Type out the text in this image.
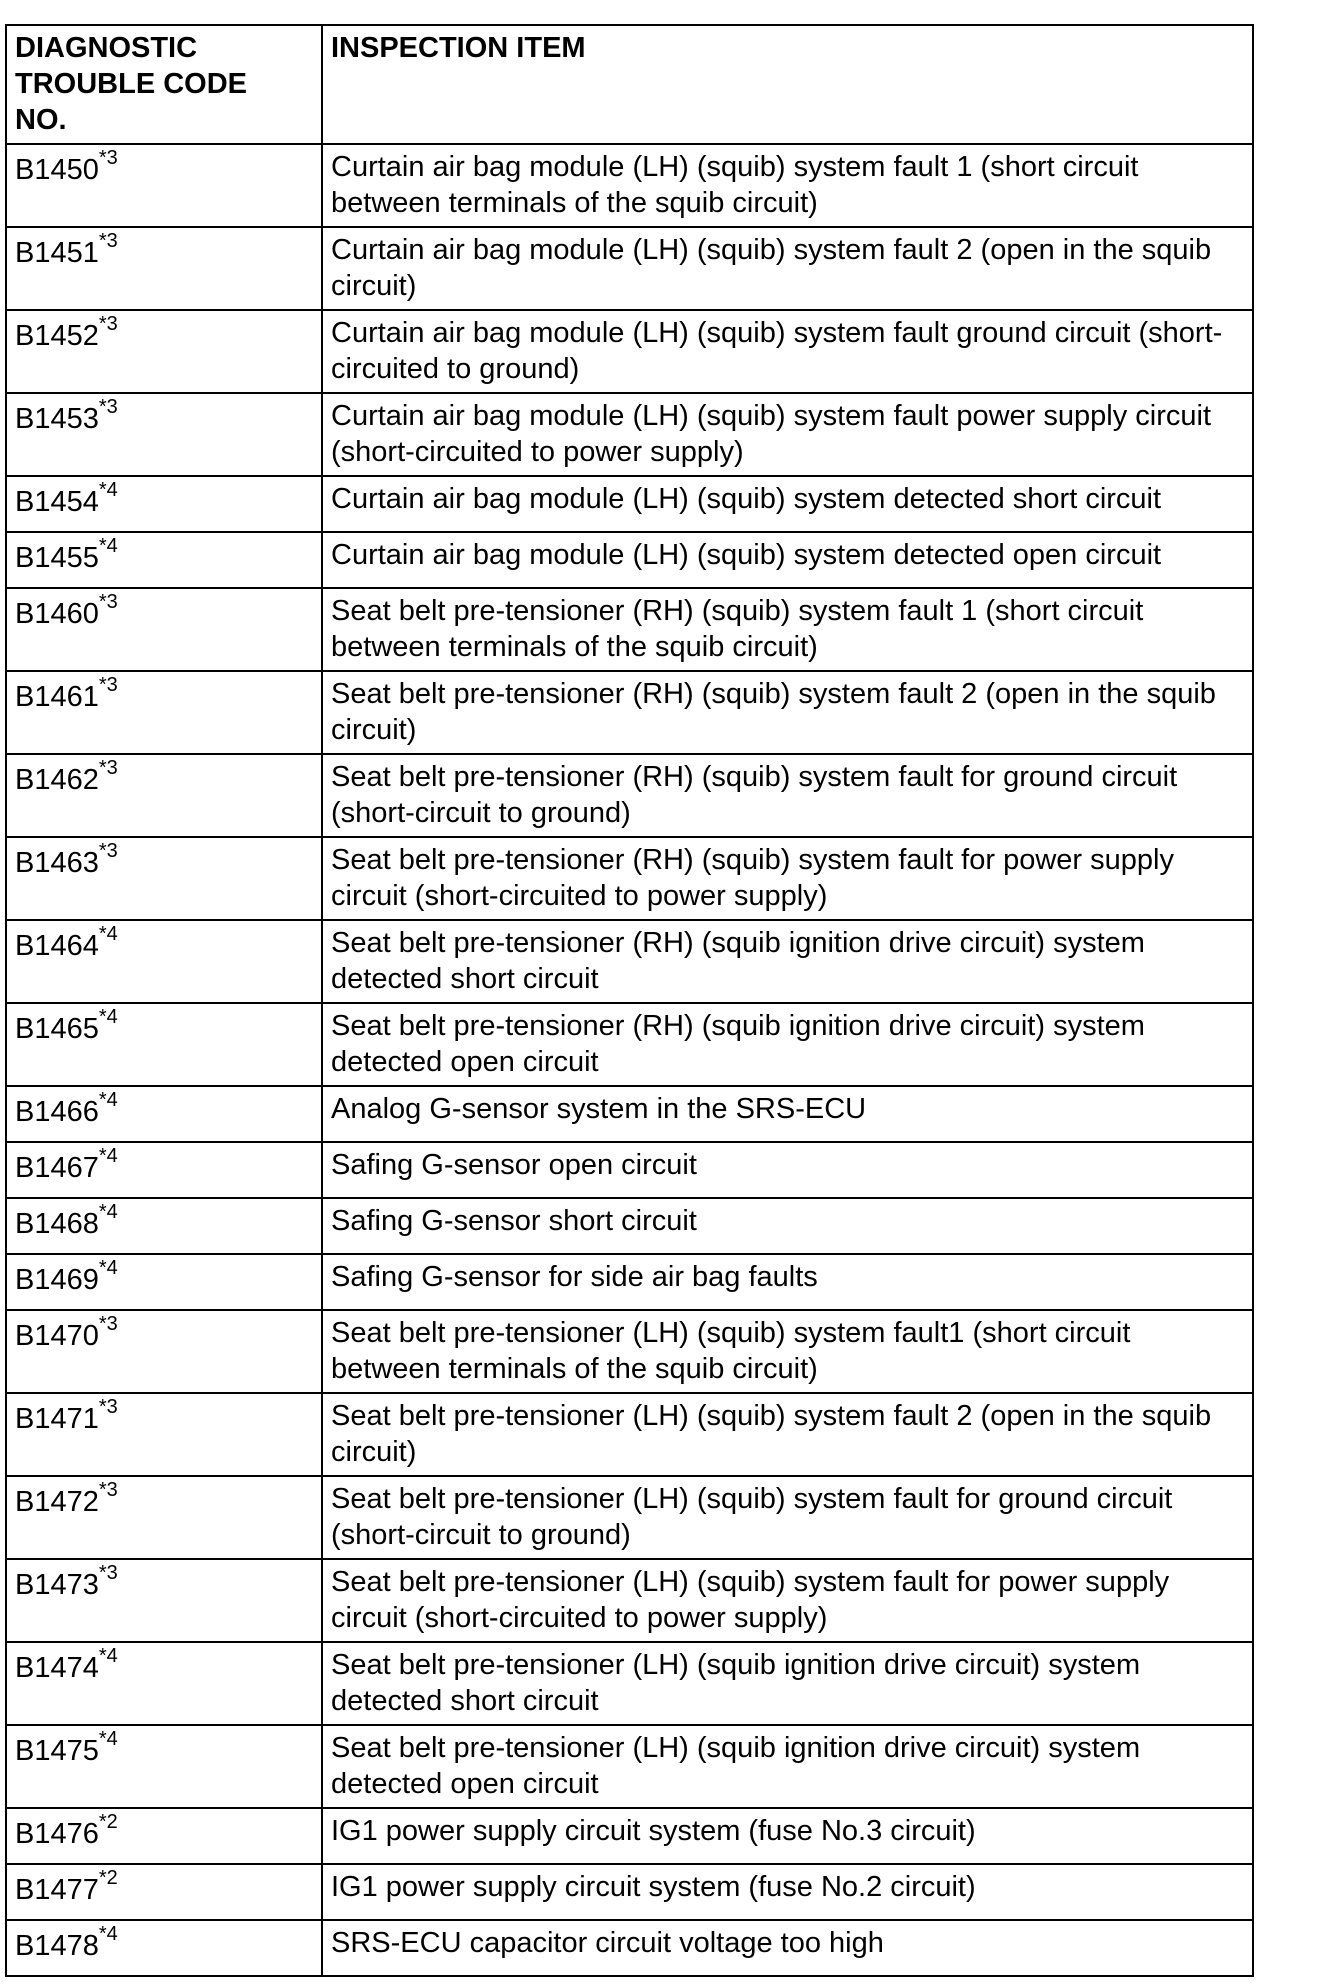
DIAGNOSTIC
TROUBLE CODE
NO.	INSPECTION ITEM
B1450$^{*3}$	Curtain air bag module (LH) (squib) system fault 1 (short circuit between terminals of the squib circuit)
B1451$^{*3}$	Curtain air bag module (LH) (squib) system fault 2 (open in the squib circuit)
B1452$^{*3}$	Curtain air bag module (LH) (squib) system fault ground circuit (short-circuited to ground)
B1453$^{*3}$	Curtain air bag module (LH) (squib) system fault power supply circuit (short-circuited to power supply)
B1454$^{*4}$	Curtain air bag module (LH) (squib) system detected short circuit
B1455$^{*4}$	Curtain air bag module (LH) (squib) system detected open circuit
B1460$^{*3}$	Seat belt pre-tensioner (RH) (squib) system fault 1 (short circuit between terminals of the squib circuit)
B1461$^{*3}$	Seat belt pre-tensioner (RH) (squib) system fault 2 (open in the squib circuit)
B1462$^{*3}$	Seat belt pre-tensioner (RH) (squib) system fault for ground circuit (short-circuit to ground)
B1463$^{*3}$	Seat belt pre-tensioner (RH) (squib) system fault for power supply circuit (short-circuited to power supply)
B1464$^{*4}$	Seat belt pre-tensioner (RH) (squib ignition drive circuit) system detected short circuit
B1465$^{*4}$	Seat belt pre-tensioner (RH) (squib ignition drive circuit) system detected open circuit
B1466$^{*4}$	Analog G-sensor system in the SRS-ECU
B1467$^{*4}$	Safing G-sensor open circuit
B1468$^{*4}$	Safing G-sensor short circuit
B1469$^{*4}$	Safing G-sensor for side air bag faults
B1470$^{*3}$	Seat belt pre-tensioner (LH) (squib) system fault1 (short circuit between terminals of the squib circuit)
B1471$^{*3}$	Seat belt pre-tensioner (LH) (squib) system fault 2 (open in the squib circuit)
B1472$^{*3}$	Seat belt pre-tensioner (LH) (squib) system fault for ground circuit (short-circuit to ground)
B1473$^{*3}$	Seat belt pre-tensioner (LH) (squib) system fault for power supply circuit (short-circuited to power supply)
B1474$^{*4}$	Seat belt pre-tensioner (LH) (squib ignition drive circuit) system detected short circuit
B1475$^{*4}$	Seat belt pre-tensioner (LH) (squib ignition drive circuit) system detected open circuit
B1476$^{*2}$	IG1 power supply circuit system (fuse No.3 circuit)
B1477$^{*2}$	IG1 power supply circuit system (fuse No.2 circuit)
B1478$^{*4}$	SRS-ECU capacitor circuit voltage too high
